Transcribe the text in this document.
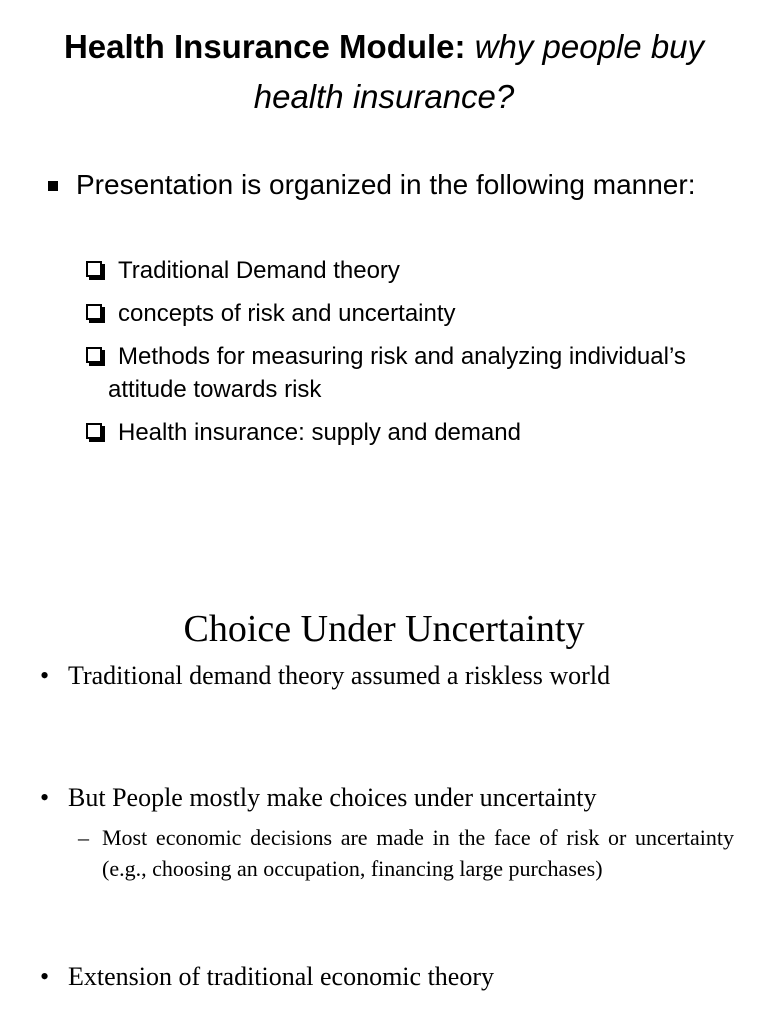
Health Insurance Module: why people buy health insurance?
Presentation is organized in the following manner:
Traditional Demand theory
concepts of risk and uncertainty
Methods for measuring risk and analyzing individual’s attitude towards risk
Health insurance: supply and demand
Choice Under Uncertainty
• Traditional demand theory assumed a riskless world
• But People mostly make choices under uncertainty
– Most economic decisions are made in the face of risk or uncertainty (e.g., choosing an occupation, financing large purchases)
• Extension of traditional economic theory
